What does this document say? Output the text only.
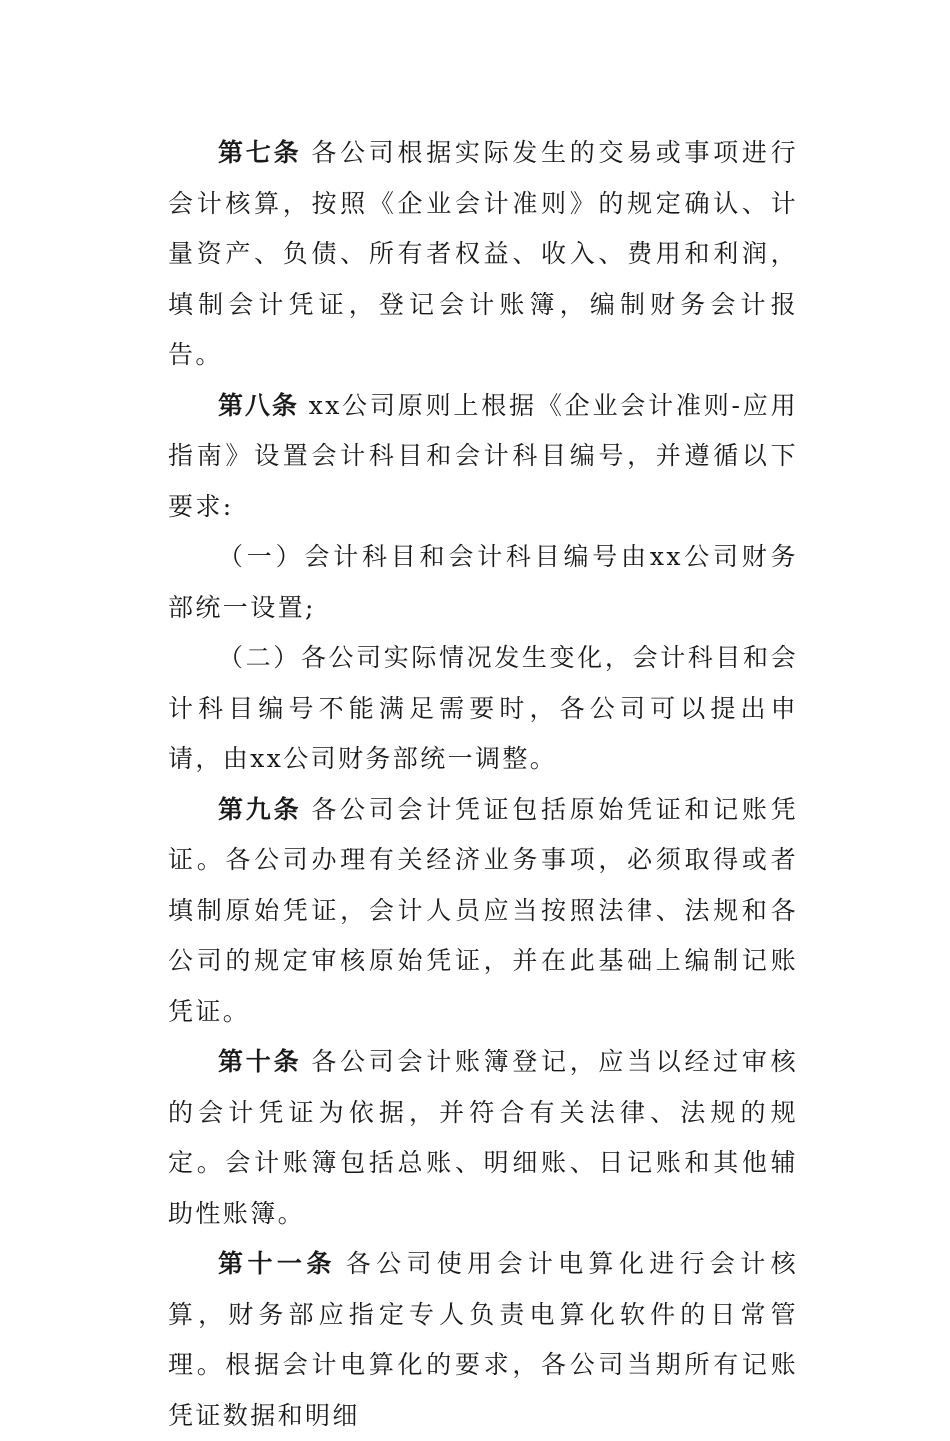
第七条 各公司根据实际发生的交易或事项进行会计核算，按照《企业会计准则》的规定确认、计量资产、负债、所有者权益、收入、费用和利润，填制会计凭证，登记会计账簿，编制财务会计报告。

第八条 xx公司原则上根据《企业会计准则-应用指南》设置会计科目和会计科目编号，并遵循以下要求:

（一）会计科目和会计科目编号由xx公司财务部统一设置;

（二）各公司实际情况发生变化，会计科目和会计科目编号不能满足需要时，各公司可以提出申请，由xx公司财务部统一调整。

第九条 各公司会计凭证包括原始凭证和记账凭证。各公司办理有关经济业务事项，必须取得或者填制原始凭证，会计人员应当按照法律、法规和各公司的规定审核原始凭证，并在此基础上编制记账凭证。

第十条 各公司会计账簿登记，应当以经过审核的会计凭证为依据，并符合有关法律、法规的规定。会计账簿包括总账、明细账、日记账和其他辅助性账簿。

第十一条 各公司使用会计电算化进行会计核算，财务部应指定专人负责电算化软件的日常管理。根据会计电算化的要求，各公司当期所有记账凭证数据和明细
